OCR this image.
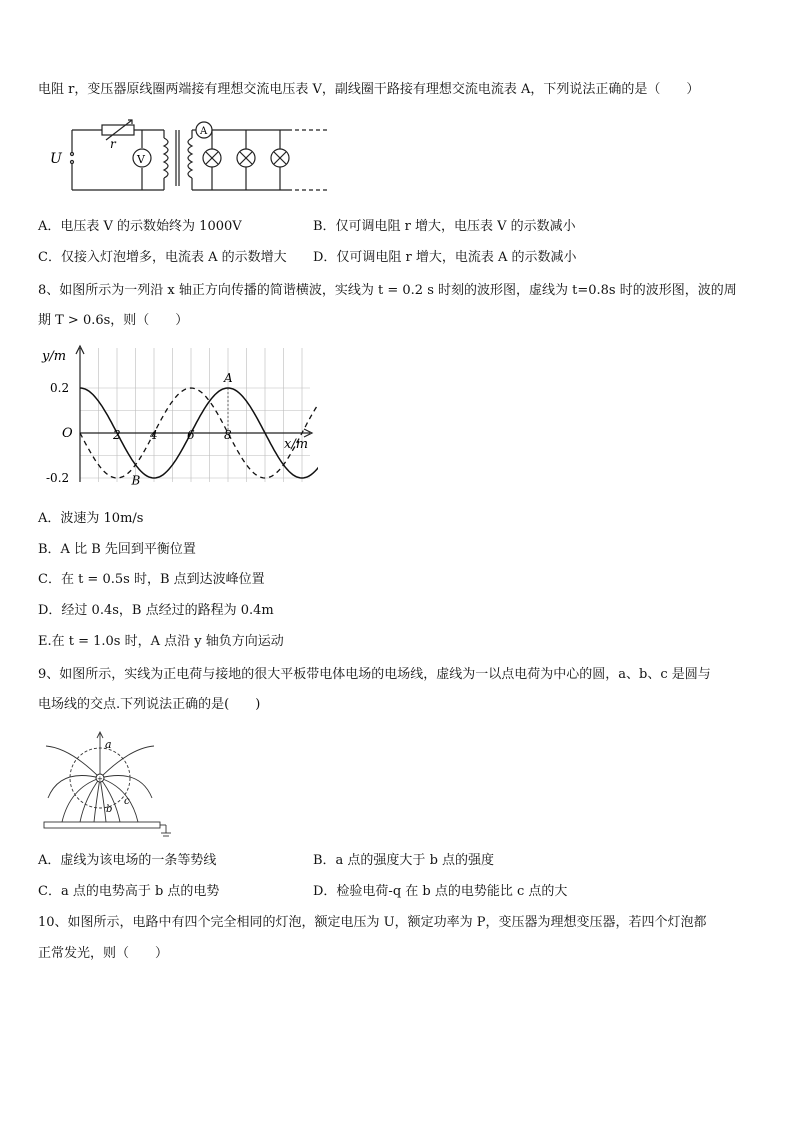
电阻 r，变压器原线圈两端接有理想交流电压表 V，副线圈干路接有理想交流电流表 A，下列说法正确的是（　　）
U
r
V
A
A．电压表 V 的示数始终为 1000V	B．仅可调电阻 r 增大，电压表 V 的示数减小
C．仅接入灯泡增多，电流表 A 的示数增大 D．仅可调电阻 r 增大，电流表 A 的示数减小
8、如图所示为一列沿 x 轴正方向传播的简谐横波，实线为 t = 0.2 s 时刻的波形图，虚线为 t=0.8s 时的波形图，波的周
期 T > 0.6s，则（　　）
2 4 6 8
0.2
-0.2
A
B
y/m
x/m
O
A．波速为 10m/s
B．A 比 B 先回到平衡位置
C．在 t = 0.5s 时，B 点到达波峰位置
D．经过 0.4s，B 点经过的路程为 0.4m
E.在 t = 1.0s 时，A 点沿 y 轴负方向运动
9、如图所示，实线为正电荷与接地的很大平板带电体电场的电场线，虚线为一以点电荷为中心的圆，a、b、c 是圆与
电场线的交点.下列说法正确的是(　　)
+
a
b
c
A．虚线为该电场的一条等势线	B．a 点的强度大于 b 点的强度
C．a 点的电势高于 b 点的电势	D．检验电荷-q 在 b 点的电势能比 c 点的大
10、如图所示，电路中有四个完全相同的灯泡，额定电压为 U，额定功率为 P，变压器为理想变压器，若四个灯泡都
正常发光，则（　　）
